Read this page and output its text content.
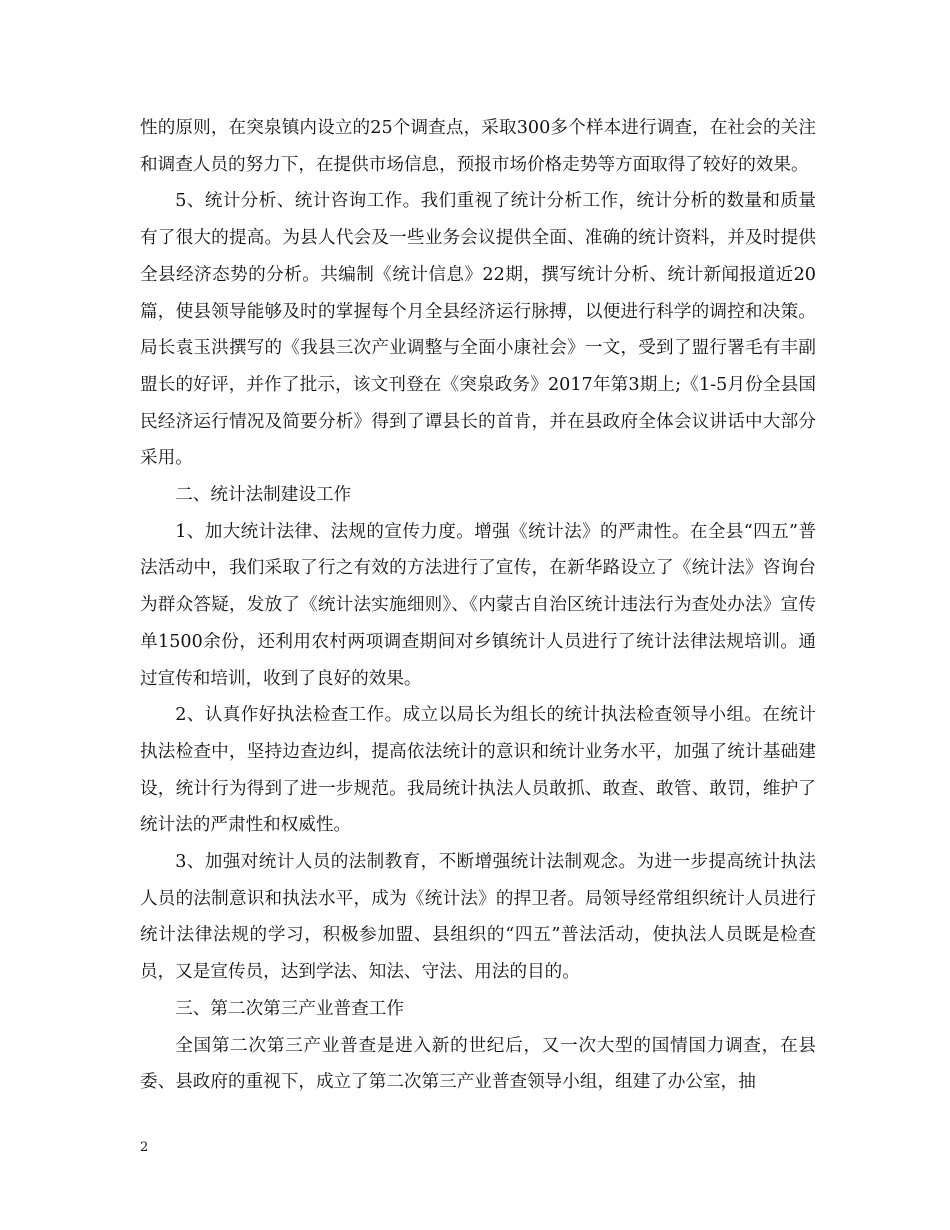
性的原则，在突泉镇内设立的25个调查点，采取300多个样本进行调查，在社会的关注和调查人员的努力下，在提供市场信息，预报市场价格走势等方面取得了较好的效果。

5、统计分析、统计咨询工作。我们重视了统计分析工作，统计分析的数量和质量有了很大的提高。为县人代会及一些业务会议提供全面、准确的统计资料，并及时提供全县经济态势的分析。共编制《统计信息》22期，撰写统计分析、统计新闻报道近20篇，使县领导能够及时的掌握每个月全县经济运行脉搏，以便进行科学的调控和决策。局长袁玉洪撰写的《我县三次产业调整与全面小康社会》一文，受到了盟行署毛有丰副盟长的好评，并作了批示，该文刊登在《突泉政务》2017年第3期上;《1-5月份全县国民经济运行情况及简要分析》得到了谭县长的首肯，并在县政府全体会议讲话中大部分采用。

二、统计法制建设工作

1、加大统计法律、法规的宣传力度。增强《统计法》的严肃性。在全县“四五”普法活动中，我们采取了行之有效的方法进行了宣传，在新华路设立了《统计法》咨询台为群众答疑，发放了《统计法实施细则》、《内蒙古自治区统计违法行为查处办法》宣传单1500余份，还利用农村两项调查期间对乡镇统计人员进行了统计法律法规培训。通过宣传和培训，收到了良好的效果。

2、认真作好执法检查工作。成立以局长为组长的统计执法检查领导小组。在统计执法检查中，坚持边查边纠，提高依法统计的意识和统计业务水平，加强了统计基础建设，统计行为得到了进一步规范。我局统计执法人员敢抓、敢查、敢管、敢罚，维护了统计法的严肃性和权威性。

3、加强对统计人员的法制教育，不断增强统计法制观念。为进一步提高统计执法人员的法制意识和执法水平，成为《统计法》的捍卫者。局领导经常组织统计人员进行统计法律法规的学习，积极参加盟、县组织的“四五”普法活动，使执法人员既是检查员，又是宣传员，达到学法、知法、守法、用法的目的。

三、第二次第三产业普查工作

全国第二次第三产业普查是进入新的世纪后，又一次大型的国情国力调查，在县委、县政府的重视下，成立了第二次第三产业普查领导小组，组建了办公室，抽

2
